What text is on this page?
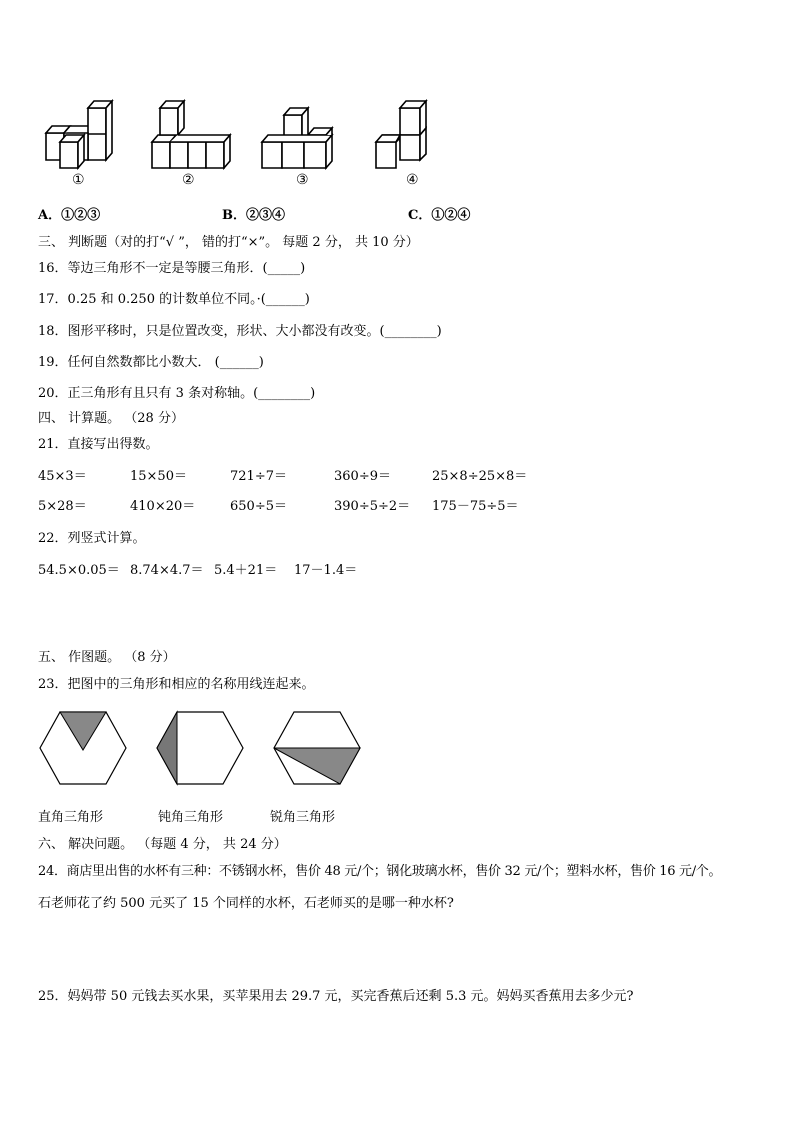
①	②	③	④
A．①②③	B．②③④	C．①②④
三、 判断题（对的打“√ ”， 错的打“×”。 每题 2 分， 共 10 分）
16．等边三角形不一定是等腰三角形．(_____)
17．0.25 和 0.250 的计数单位不同。·(______)
18．图形平移时，只是位置改变，形状、大小都没有改变。(________)
19．任何自然数都比小数大． (______)
20．正三角形有且只有 3 条对称轴。(________)
四、 计算题。 （28 分）
21．直接写出得数。
45×3＝	15×50＝	721÷7＝	360÷9＝	25×8÷25×8＝
5×28＝	410×20＝	650÷5＝	390÷5÷2＝ 175－75÷5＝
22．列竖式计算。
54.5×0.05＝ 8.74×4.7＝ 5.4＋21＝ 17－1.4＝
五、 作图题。 （8 分）
23．把图中的三角形和相应的名称用线连起来。
直角三角形	钝角三角形	锐角三角形
六、 解决问题。 （每题 4 分， 共 24 分）
24．商店里出售的水杯有三种：不锈钢水杯，售价 48 元/个；钢化玻璃水杯，售价 32 元/个；塑料水杯，售价 16 元/个。
石老师花了约 500 元买了 15 个同样的水杯，石老师买的是哪一种水杯?
25．妈妈带 50 元钱去买水果，买苹果用去 29.7 元，买完香蕉后还剩 5.3 元。妈妈买香蕉用去多少元?
